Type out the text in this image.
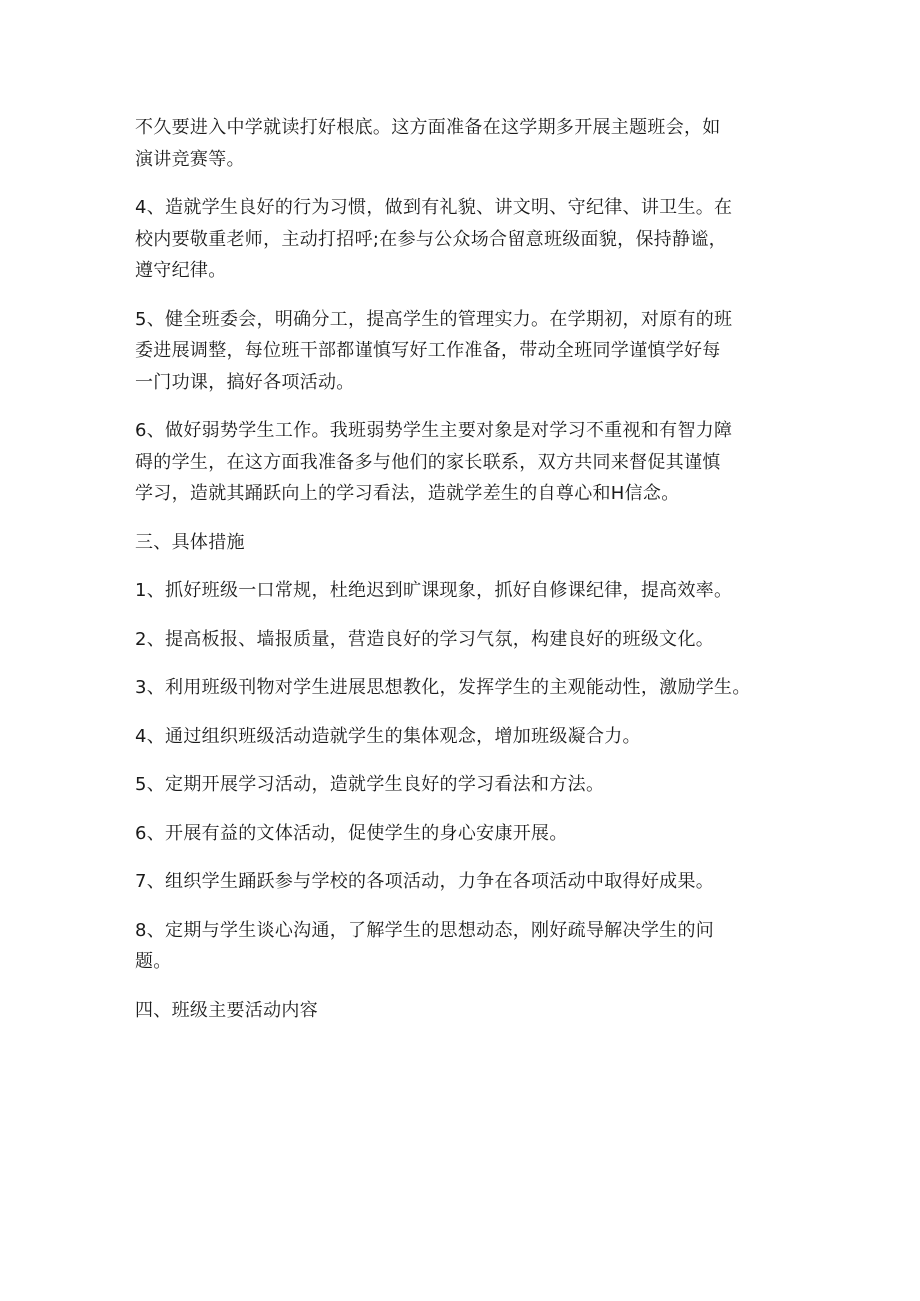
不久要进入中学就读打好根底。这方面准备在这学期多开展主题班会，如
演讲竞赛等。

4、造就学生良好的行为习惯，做到有礼貌、讲文明、守纪律、讲卫生。在
校内要敬重老师，主动打招呼;在参与公众场合留意班级面貌，保持静谧，
遵守纪律。

5、健全班委会，明确分工，提高学生的管理实力。在学期初，对原有的班
委进展调整，每位班干部都谨慎写好工作准备，带动全班同学谨慎学好每
一门功课，搞好各项活动。

6、做好弱势学生工作。我班弱势学生主要对象是对学习不重视和有智力障
碍的学生，在这方面我准备多与他们的家长联系，双方共同来督促其谨慎
学习，造就其踊跃向上的学习看法，造就学差生的自尊心和H信念。

三、具体措施

1、抓好班级一口常规，杜绝迟到旷课现象，抓好自修课纪律，提高效率。

2、提高板报、墙报质量，营造良好的学习气氛，构建良好的班级文化。

3、利用班级刊物对学生进展思想教化，发挥学生的主观能动性，激励学生。

4、通过组织班级活动造就学生的集体观念，增加班级凝合力。

5、定期开展学习活动，造就学生良好的学习看法和方法。

6、开展有益的文体活动，促使学生的身心安康开展。

7、组织学生踊跃参与学校的各项活动，力争在各项活动中取得好成果。

8、定期与学生谈心沟通，了解学生的思想动态，刚好疏导解决学生的问
题。

四、班级主要活动内容
